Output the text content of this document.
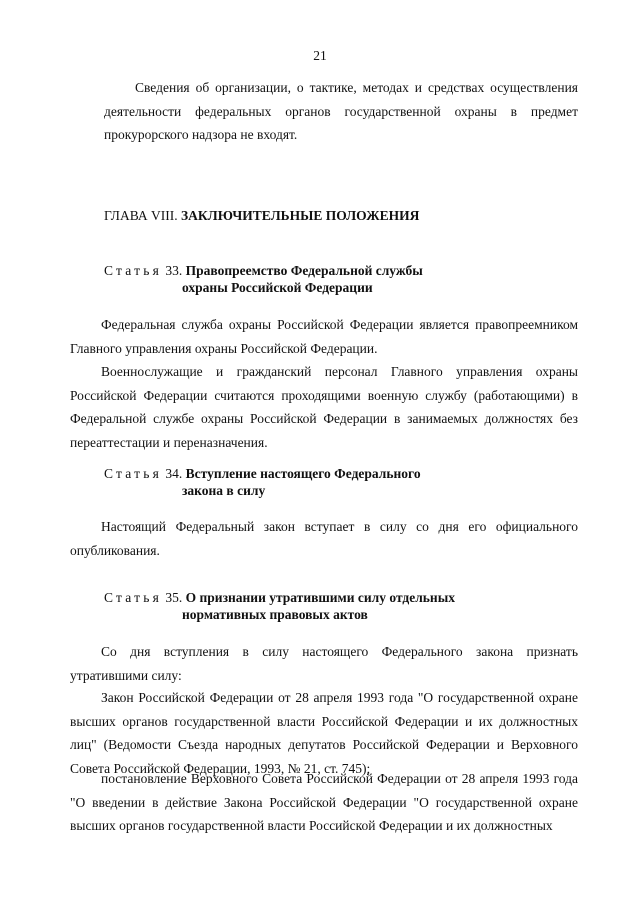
21

Сведения об организации, о тактике, методах и средствах осуществления деятельности федеральных органов государственной охраны в предмет прокурорского надзора не входят.

ГЛАВА VIII. ЗАКЛЮЧИТЕЛЬНЫЕ ПОЛОЖЕНИЯ
Статья 33. Правопреемство Федеральной службы
охраны Российской Федерации

Федеральная служба охраны Российской Федерации является правопреемником Главного управления охраны Российской Федерации.

Военнослужащие и гражданский персонал Главного управления охраны Российской Федерации считаются проходящими военную службу (работающими) в Федеральной службе охраны Российской Федерации в занимаемых должностях без переаттестации и переназначения.

Статья 34. Вступление настоящего Федерального
закона в силу

Настоящий Федеральный закон вступает в силу со дня его официального опубликования.

Статья 35. О признании утратившими силу отдельных
нормативных правовых актов

Со дня вступления в силу настоящего Федерального закона признать утратившими силу:

Закон Российской Федерации от 28 апреля 1993 года "О государственной охране высших органов государственной власти Российской Федерации и их должностных лиц" (Ведомости Съезда народных депутатов Российской Федерации и Верховного Совета Российской Федерации, 1993, № 21, ст. 745);

постановление Верховного Совета Российской Федерации от 28 апреля 1993 года "О введении в действие Закона Российской Федерации "О государственной охране высших органов государственной власти Российской Федерации и их должностных
